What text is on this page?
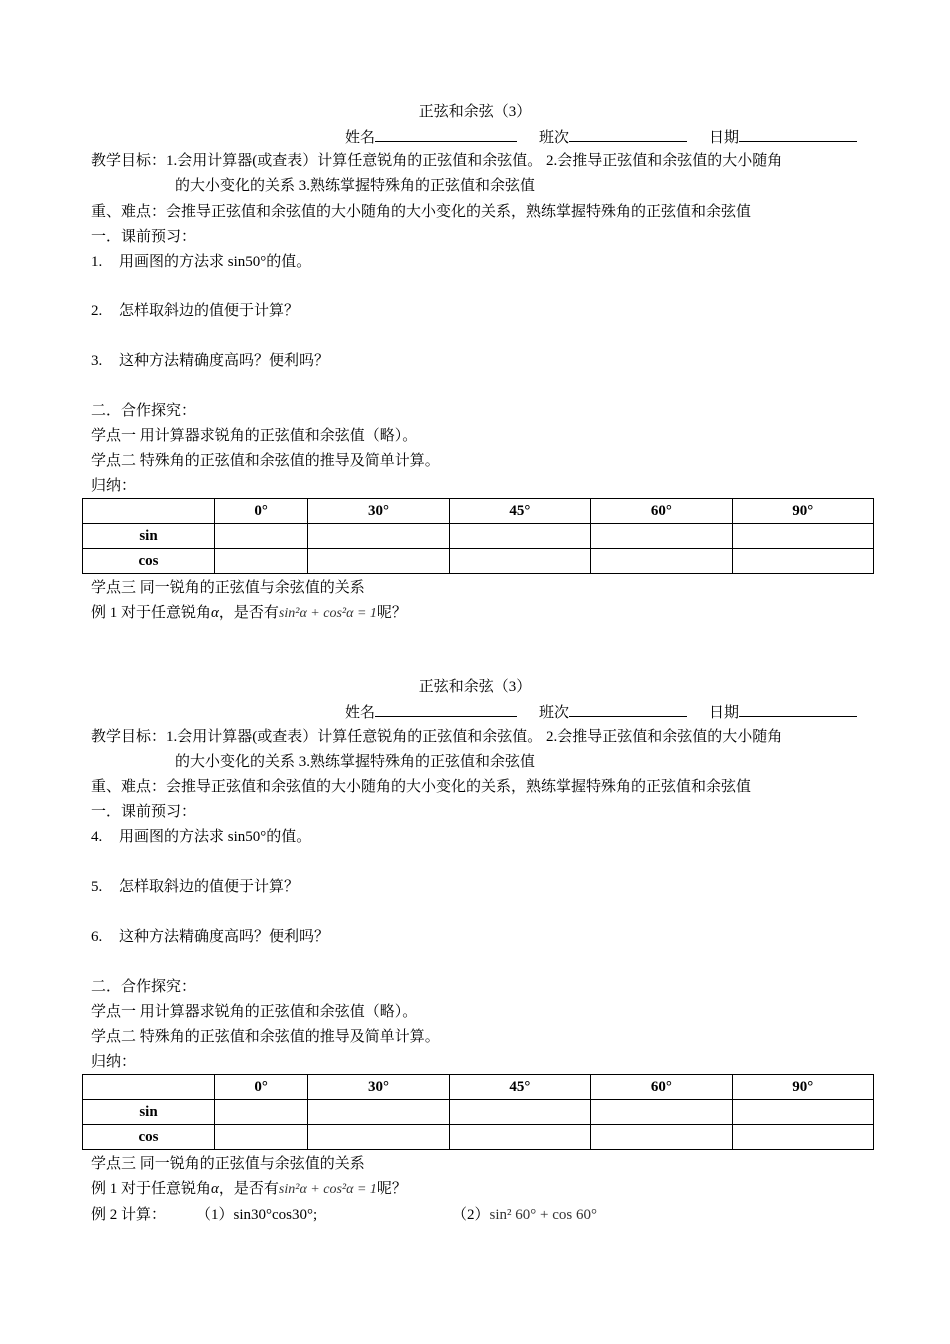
正弦和余弦（3）
姓名	班次	日期
教学目标：1.会用计算器(或查表）计算任意锐角的正弦值和余弦值。 2.会推导正弦值和余弦值的大小随角
的大小变化的关系 3.熟练掌握特殊角的正弦值和余弦值
重、难点：会推导正弦值和余弦值的大小随角的大小变化的关系，熟练掌握特殊角的正弦值和余弦值
一．课前预习：
1. 用画图的方法求 sin50°的值。
2. 怎样取斜边的值便于计算？
3. 这种方法精确度高吗？便利吗？
二．合作探究：
学点一 用计算器求锐角的正弦值和余弦值（略）。
学点二 特殊角的正弦值和余弦值的推导及简单计算。
归纳：
	0°	30°	45°	60°	90°
sin					
cos					
学点三 同一锐角的正弦值与余弦值的关系
例 1 对于任意锐角α，是否有sin²α + cos²α = 1呢？
正弦和余弦（3）
姓名	班次	日期
教学目标：1.会用计算器(或查表）计算任意锐角的正弦值和余弦值。 2.会推导正弦值和余弦值的大小随角
的大小变化的关系 3.熟练掌握特殊角的正弦值和余弦值
重、难点：会推导正弦值和余弦值的大小随角的大小变化的关系，熟练掌握特殊角的正弦值和余弦值
一．课前预习：
4. 用画图的方法求 sin50°的值。
5. 怎样取斜边的值便于计算？
6. 这种方法精确度高吗？便利吗？
二．合作探究：
学点一 用计算器求锐角的正弦值和余弦值（略）。
学点二 特殊角的正弦值和余弦值的推导及简单计算。
归纳：
	0°	30°	45°	60°	90°
sin					
cos					
学点三 同一锐角的正弦值与余弦值的关系
例 1 对于任意锐角α，是否有sin²α + cos²α = 1呢？
例 2 计算： （1）sin30°cos30°;	（2）sin² 60° + cos 60°
